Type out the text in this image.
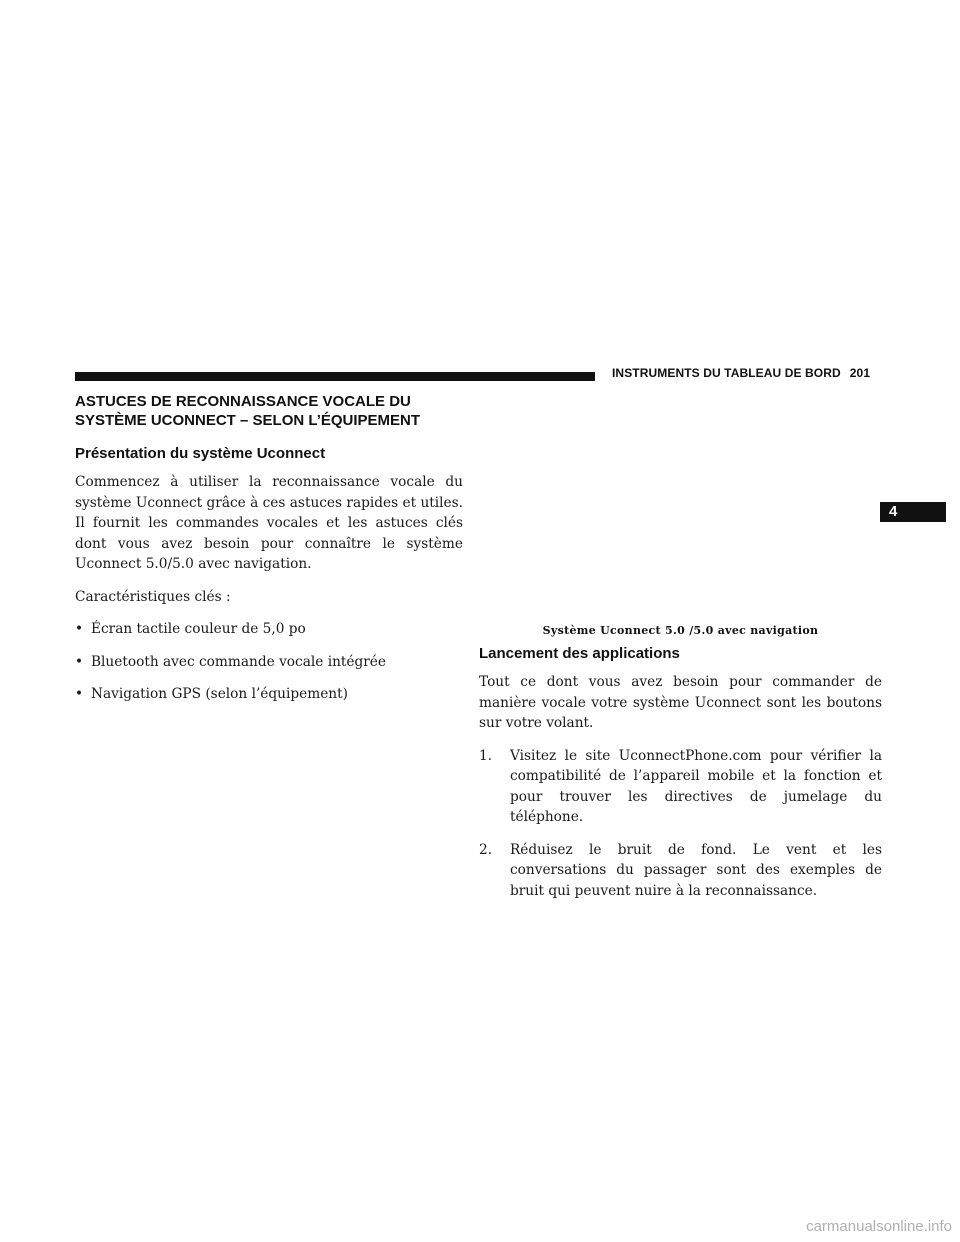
INSTRUMENTS DU TABLEAU DE BORD 201
4
ASTUCES DE RECONNAISSANCE VOCALE DU SYSTÈME UCONNECT – SELON L’ÉQUIPEMENT
Présentation du système Uconnect

Commencez à utiliser la reconnaissance vocale du système Uconnect grâce à ces astuces rapides et utiles. Il fournit les commandes vocales et les astuces clés dont vous avez besoin pour connaître le système Uconnect 5.0/5.0 avec navigation.

Caractéristiques clés :

• Écran tactile couleur de 5,0 po
• Bluetooth avec commande vocale intégrée
• Navigation GPS (selon l’équipement)
Système Uconnect 5.0 /5.0 avec navigation
Lancement des applications

Tout ce dont vous avez besoin pour commander de manière vocale votre système Uconnect sont les boutons sur votre volant.

1. Visitez le site UconnectPhone.com pour vérifier la compatibilité de l’appareil mobile et la fonction et pour trouver les directives de jumelage du téléphone.
2. Réduisez le bruit de fond. Le vent et les conversations du passager sont des exemples de bruit qui peuvent nuire à la reconnaissance.
carmanualsonline.info
